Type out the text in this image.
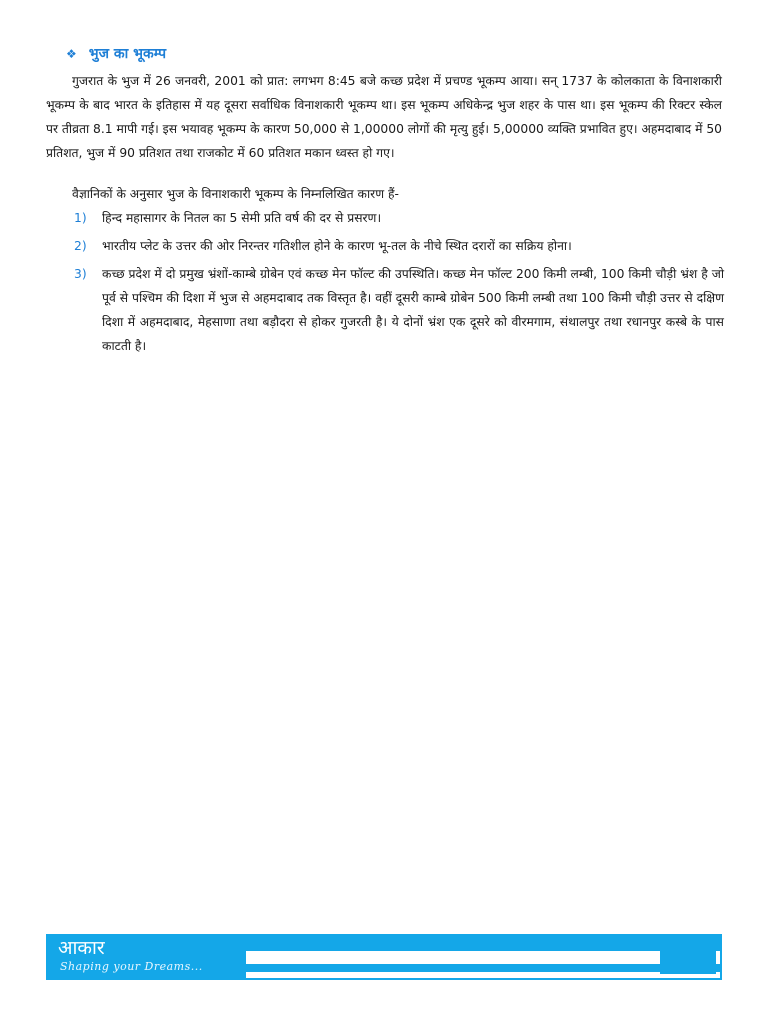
❖ भुज का भूकम्प
गुजरात के भुज में 26 जनवरी, 2001 को प्रात: लगभग 8:45 बजे कच्छ प्रदेश में प्रचण्ड भूकम्प आया। सन् 1737 के कोलकाता के विनाशकारी भूकम्प के बाद भारत के इतिहास में यह दूसरा सर्वाधिक विनाशकारी भूकम्प था। इस भूकम्प अधिकेन्द्र भुज शहर के पास था। इस भूकम्प की रिक्टर स्केल पर तीव्रता 8.1 मापी गई। इस भयावह भूकम्प के कारण 50,000 से 1,00000 लोगों की मृत्यु हुई। 5,00000 व्यक्ति प्रभावित हुए। अहमदाबाद में 50 प्रतिशत, भुज में 90 प्रतिशत तथा राजकोट में 60 प्रतिशत मकान ध्वस्त हो गए।
वैज्ञानिकों के अनुसार भुज के विनाशकारी भूकम्प के निम्नलिखित कारण हैं-
1) हिन्द महासागर के नितल का 5 सेमी प्रति वर्ष की दर से प्रसरण।
2) भारतीय प्लेट के उत्तर की ओर निरन्तर गतिशील होने के कारण भू-तल के नीचे स्थित दरारों का सक्रिय होना।
3) कच्छ प्रदेश में दो प्रमुख भ्रंशों-काम्बे ग्रोबेन एवं कच्छ मेन फॉल्ट की उपस्थिति। कच्छ मेन फॉल्ट 200 किमी लम्बी, 100 किमी चौड़ी भ्रंश है जो पूर्व से पश्चिम की दिशा में भुज से अहमदाबाद तक विस्तृत है। वहीं दूसरी काम्बे ग्रोबेन 500 किमी लम्बी तथा 100 किमी चौड़ी उत्तर से दक्षिण दिशा में अहमदाबाद, मेहसाणा तथा बड़ौदरा से होकर गुजरती है। ये दोनों भ्रंश एक दूसरे को वीरमगाम, संथालपुर तथा रधानपुर कस्बे के पास काटती है।
आकार
Shaping your Dreams...
